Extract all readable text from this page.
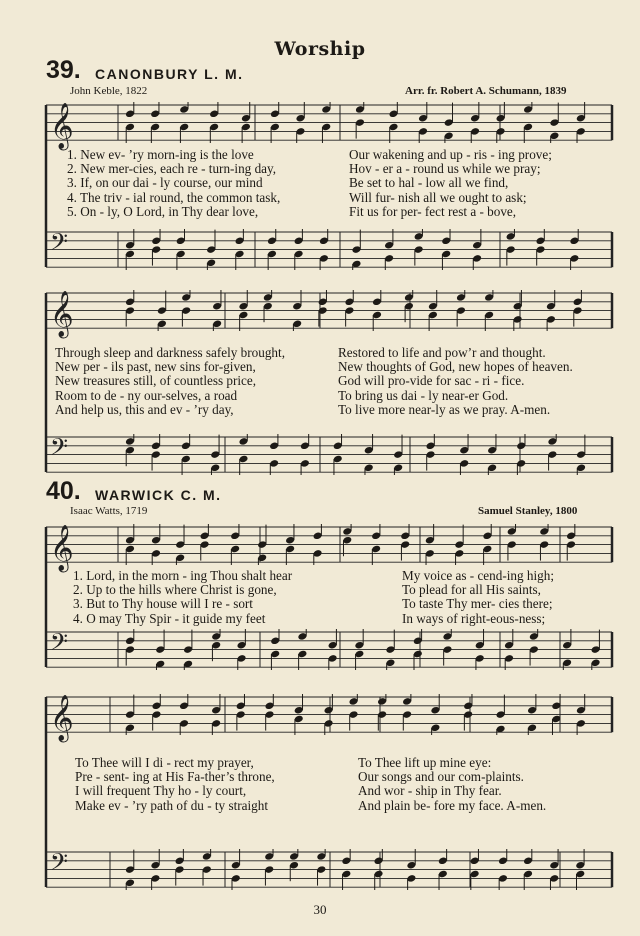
𝄞
𝄢
𝄞
𝄢
𝄞
𝄢
𝄞
𝄢
Worship
39. CANONBURY L. M.
John Keble, 1822	Arr. fr. Robert A. Schumann, 1839
1. New ev- ’ry morn-ing is the love	Our wakening and up - ris - ing prove;
2. New mer-cies, each re - turn-ing day,	Hov - er a - round us while we pray;
3. If, on our dai - ly course, our mind	Be set to hal - low all we find,
4. The triv - ial round, the common task,	Will fur- nish all we ought to ask;
5. On - ly, O Lord, in Thy dear love,	Fit us for per- fect rest a - bove,
Through sleep and darkness safely brought,	Restored to life and pow’r and thought.
New per - ils past, new sins for-given,	New thoughts of God, new hopes of heaven.
New treasures still, of countless price,	God will pro-vide for sac - ri - fice.
Room to de - ny our-selves, a road	To bring us dai - ly near-er God.
And help us, this and ev - ’ry day,	To live more near-ly as we pray. A-men.
40. WARWICK C. M.
Isaac Watts, 1719	Samuel Stanley, 1800
1. Lord, in the morn - ing Thou shalt hear	My voice as - cend-ing high;
2. Up to the hills where Christ is gone,	To plead for all His saints,
3. But to Thy house will I re - sort	To taste Thy mer- cies there;
4. O may Thy Spir - it guide my feet	In ways of right-eous-ness;
To Thee will I di - rect my prayer,	To Thee lift up mine eye:
Pre - sent- ing at His Fa-ther’s throne,	Our songs and our com-plaints.
I will frequent Thy ho - ly court,	And wor - ship in Thy fear.
Make ev - ’ry path of du - ty straight	And plain be- fore my face. A-men.
30
